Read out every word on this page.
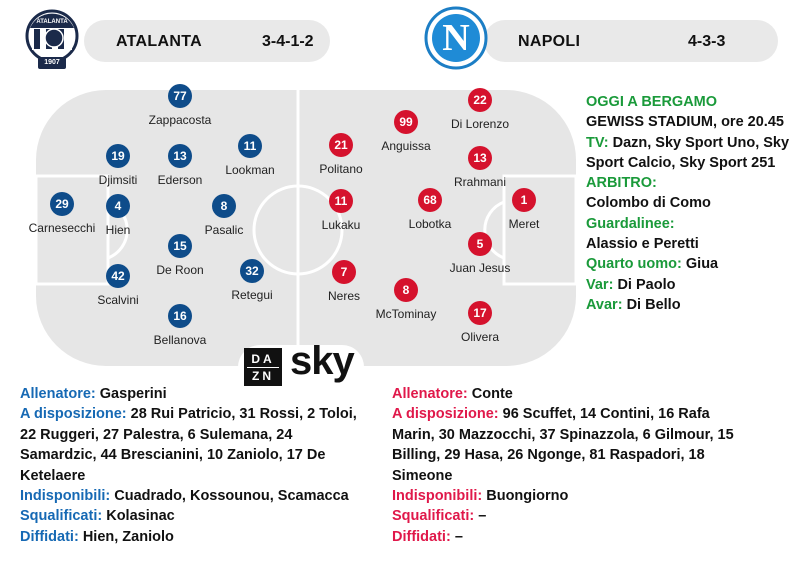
ATALANTA
1907
N
ATALANTA	3-4-1-2	NAPOLI	4-3-3
29
Carnesecchi
19
Djimsiti
4
Hien
42
Scalvini
77
Zappacosta
13
Ederson
15
De Roon
16
Bellanova
8
Pasalic
11
Lookman
32
Retegui
1
Meret
22
Di Lorenzo
13
Rrahmani
5
Juan Jesus
17
Olivera
99
Anguissa
68
Lobotka
8
McTominay
21
Politano
11
Lukaku
7
Neres
DA
ZN sky
OGGI A BERGAMO
GEWISS STADIUM, ore 20.45
TV: Dazn, Sky Sport Uno, Sky Sport Calcio, Sky Sport 251
ARBITRO:
Colombo di Como
Guardalinee:
Alassio e Peretti
Quarto uomo: Giua
Var: Di Paolo
Avar: Di Bello
Allenatore: Gasperini
A disposizione: 28 Rui Patricio, 31 Rossi, 2 Toloi, 22 Ruggeri, 27 Palestra, 6 Sulemana, 24 Samardzic, 44 Brescianini, 10 Zaniolo, 17 De Ketelaere
Indisponibili: Cuadrado, Kossounou, Scamacca
Squalificati: Kolasinac
Diffidati: Hien, Zaniolo
Allenatore: Conte
A disposizione: 96 Scuffet, 14 Contini, 16 Rafa Marin, 30 Mazzocchi, 37 Spinazzola, 6 Gilmour, 15 Billing, 29 Hasa, 26 Ngonge, 81 Raspadori, 18 Simeone
Indisponibili: Buongiorno
Squalificati: –
Diffidati: –
